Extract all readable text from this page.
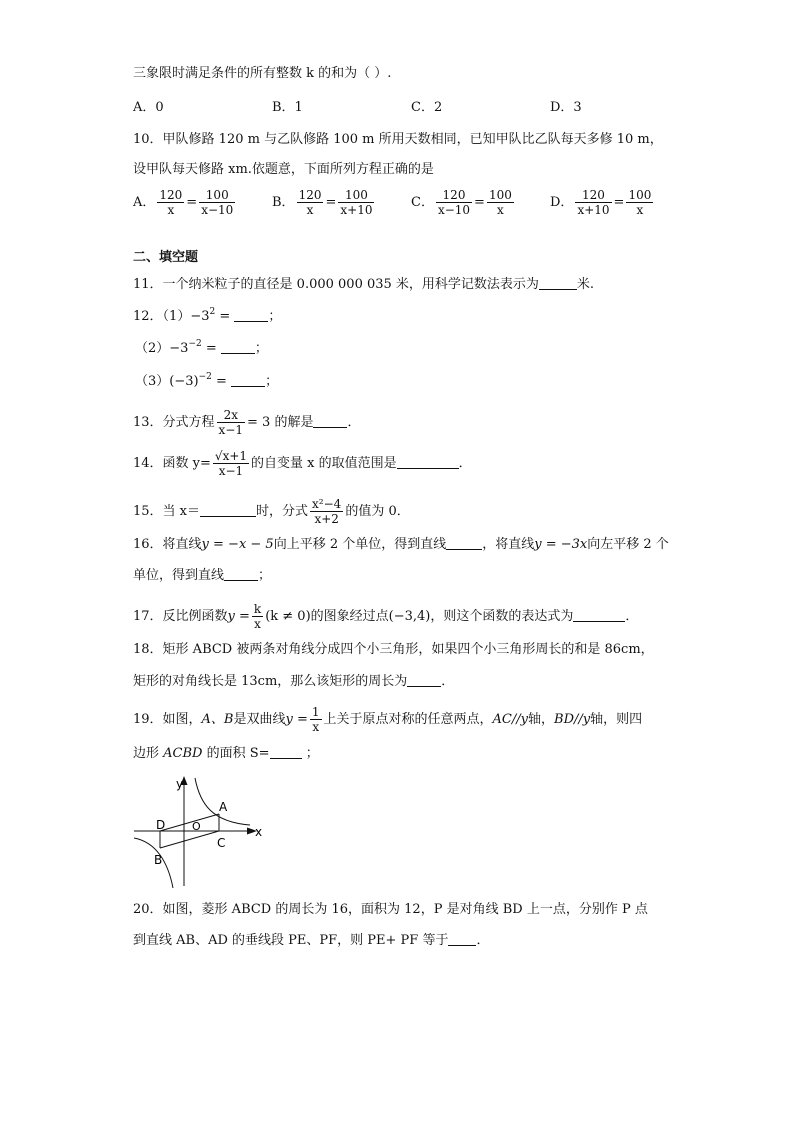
三象限时满足条件的所有整数 k 的和为（ ）.
A．0	B．1	C．2	D．3
10．甲队修路 120 m 与乙队修路 100 m 所用天数相同，已知甲队比乙队每天多修 10 m，
设甲队每天修路 xm.依题意，下面所列方程正确的是
A． $\frac{120}{x} = \frac{100}{x-10}$	B． $\frac{120}{x} = \frac{100}{x+10}$	C． $\frac{120}{x-10} = \frac{100}{x}$	D． $\frac{120}{x+10} = \frac{100}{x}$
二、填空题
11．一个纳米粒子的直径是 0.000 000 035 米，用科学记数法表示为	米.
12．$(1)-3^2$ =	；
$(2)-3^{-2}$ =	；
$(3)(-3)^{-2}$ =	；
13．分式方程 $\frac{2x}{x-1} = 3$ 的解是	．
14．函数 $y= \frac{√x+1}{x-1}$ 的自变量 x 的取值范围是	．
15．当 x＝	时，分式 $\frac{\text{x²−4}}{x+2}$ 的值为 0．
16．将直线y = −x − 5向上平移 2 个单位，得到直线	，将直线y = −3x向左平移 2 个
单位，得到直线	；
17．反比例函数$y = \frac{k}{x} (k \ne 0)$的图象经过点(−3,4)，则这个函数的表达式为	．
18．矩形 ABCD 被两条对角线分成四个小三角形，如果四个小三角形周长的和是 86cm，
矩形的对角线长是 13cm，那么该矩形的周长为	．
19．如图，A、B是双曲线$y = \frac{1}{x}$ 上关于原点对称的任意两点，AC//y轴，BD//y轴，则四
边形 ACBD 的面积 S=	；
y
x
A
B
C
D O
20．如图，菱形 ABCD 的周长为 16，面积为 12，P 是对角线 BD 上一点，分别作 P 点
到直线 AB、AD 的垂线段 PE、PF，则 PE+ PF 等于 ．
